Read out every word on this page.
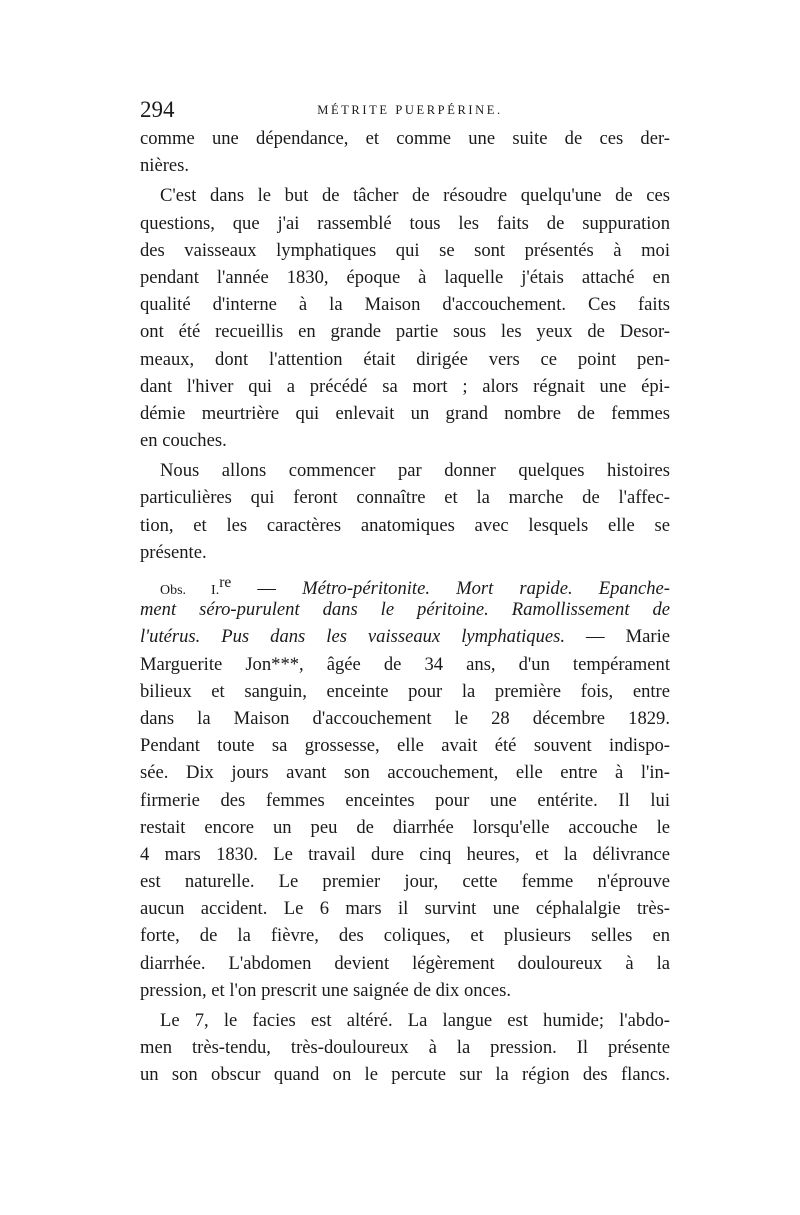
294	MÉTRITE PUERPÉRINE.
comme une dépendance, et comme une suite de ces der-
nières.
C'est dans le but de tâcher de résoudre quelqu'une de ces
questions, que j'ai rassemblé tous les faits de suppuration
des vaisseaux lymphatiques qui se sont présentés à moi
pendant l'année 1830, époque à laquelle j'étais attaché en
qualité d'interne à la Maison d'accouchement. Ces faits
ont été recueillis en grande partie sous les yeux de Desor-
meaux, dont l'attention était dirigée vers ce point pen-
dant l'hiver qui a précédé sa mort ; alors régnait une épi-
démie meurtrière qui enlevait un grand nombre de femmes
en couches.
Nous allons commencer par donner quelques histoires
particulières qui feront connaître et la marche de l'affec-
tion, et les caractères anatomiques avec lesquels elle se
présente.
Obs. I.$^{re}$ — Métro-péritonite. Mort rapide. Epanche-
ment séro-purulent dans le péritoine. Ramollissement de
l'utérus. Pus dans les vaisseaux lymphatiques. — Marie
Marguerite Jon***, âgée de 34 ans, d'un tempérament
bilieux et sanguin, enceinte pour la première fois, entre
dans la Maison d'accouchement le 28 décembre 1829.
Pendant toute sa grossesse, elle avait été souvent indispo-
sée. Dix jours avant son accouchement, elle entre à l'in-
firmerie des femmes enceintes pour une entérite. Il lui
restait encore un peu de diarrhée lorsqu'elle accouche le
4 mars 1830. Le travail dure cinq heures, et la délivrance
est naturelle. Le premier jour, cette femme n'éprouve
aucun accident. Le 6 mars il survint une céphalalgie très-
forte, de la fièvre, des coliques, et plusieurs selles en
diarrhée. L'abdomen devient légèrement douloureux à la
pression, et l'on prescrit une saignée de dix onces.
Le 7, le facies est altéré. La langue est humide; l'abdo-
men très-tendu, très-douloureux à la pression. Il présente
un son obscur quand on le percute sur la région des flancs.
